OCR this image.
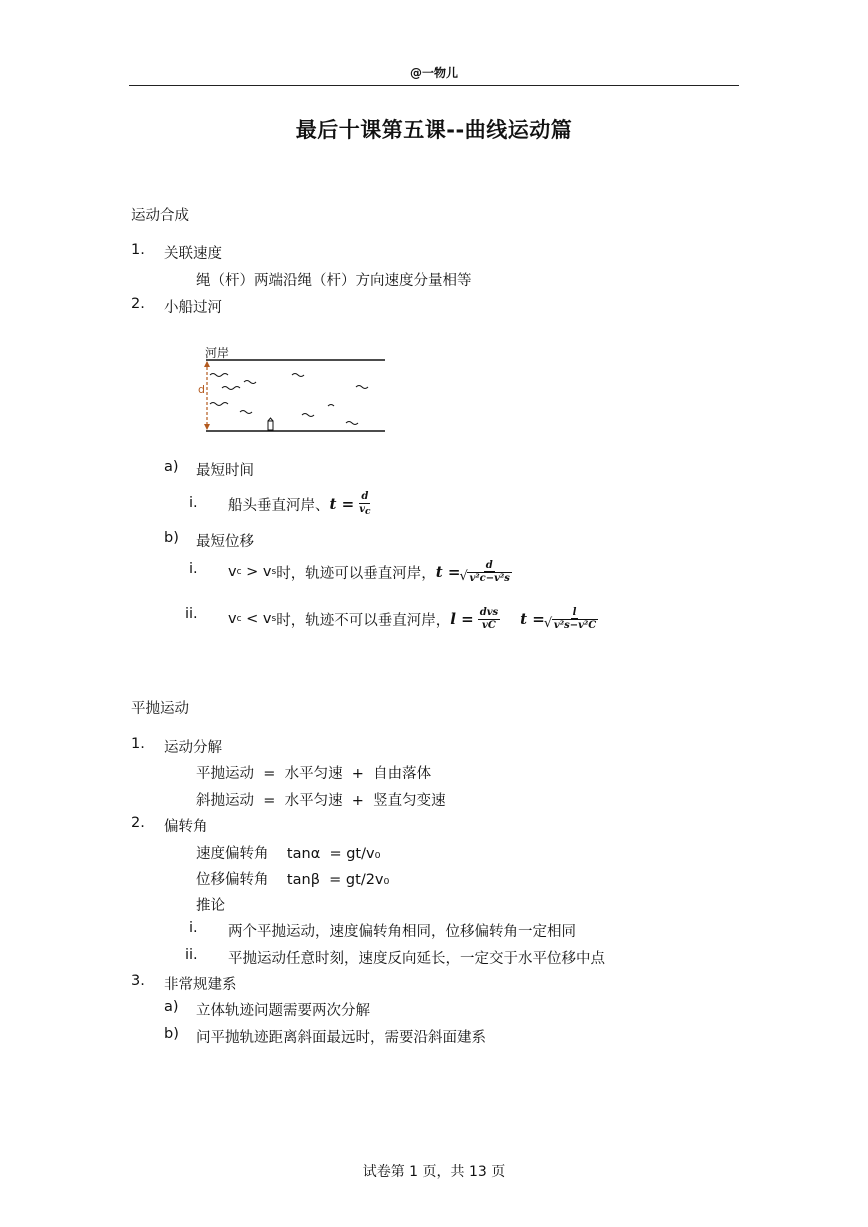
@一物儿
最后十课第五课--曲线运动篇
运动合成
1. 关联速度
绳（杆）两端沿绳（杆）方向速度分量相等
2. 小船过河
河岸
d
a) 最短时间
i. 船头垂直河岸、 $t = \frac{d}{vc}$
b) 最短位移
i. v c > v s 时，轨迹可以垂直河岸， t = d
√ v²c−v²s
ii. v c < v s 时，轨迹不可以垂直河岸， $l = \frac{\text{dvs}}{vC}$ t = l
√ v²s−v²C
平抛运动
1. 运动分解
平抛运动  =  水平匀速  +  自由落体
斜抛运动  =  水平匀速  +  竖直匀变速
2. 偏转角
速度偏转角    tanα  = gt/v₀
位移偏转角    tanβ  = gt/2v₀
推论
i. 两个平抛运动，速度偏转角相同，位移偏转角一定相同
ii. 平抛运动任意时刻，速度反向延长，一定交于水平位移中点
3. 非常规建系
a) 立体轨迹问题需要两次分解
b) 问平抛轨迹距离斜面最远时，需要沿斜面建系
试卷第 1 页，共 13 页
